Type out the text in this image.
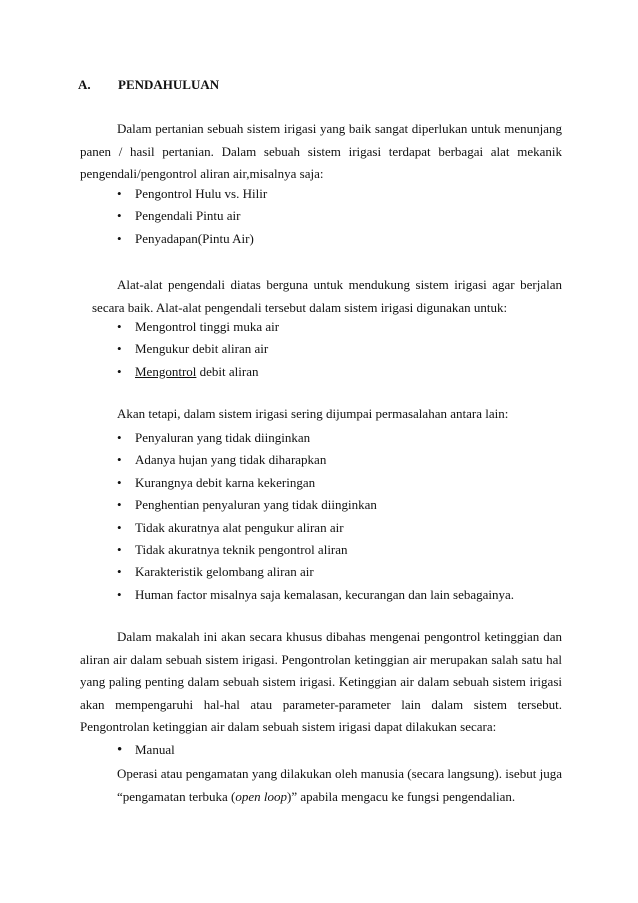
A. PENDAHULUAN

Dalam pertanian sebuah sistem irigasi yang baik sangat diperlukan untuk menunjang panen / hasil pertanian. Dalam sebuah sistem irigasi terdapat berbagai alat mekanik pengendali/pengontrol aliran air,misalnya saja:

• Pengontrol Hulu vs. Hilir
• Pengendali Pintu air
• Penyadapan(Pintu Air)

Alat-alat pengendali diatas berguna untuk mendukung sistem irigasi agar berjalan secara baik. Alat-alat pengendali tersebut dalam sistem irigasi digunakan untuk:

• Mengontrol tinggi muka air
• Mengukur debit aliran air
• Mengontrol debit aliran

Akan tetapi, dalam sistem irigasi sering dijumpai permasalahan antara lain:

• Penyaluran yang tidak diinginkan
• Adanya hujan yang tidak diharapkan
• Kurangnya debit karna kekeringan
• Penghentian penyaluran yang tidak diinginkan
• Tidak akuratnya alat pengukur aliran air
• Tidak akuratnya teknik pengontrol aliran
• Karakteristik gelombang aliran air
• Human factor misalnya saja kemalasan, kecurangan dan lain sebagainya.

Dalam makalah ini akan secara khusus dibahas mengenai pengontrol ketinggian dan aliran air dalam sebuah sistem irigasi. Pengontrolan ketinggian air merupakan salah satu hal yang paling penting dalam sebuah sistem irigasi. Ketinggian air dalam sebuah sistem irigasi akan mempengaruhi hal-hal atau parameter-parameter lain dalam sistem tersebut. Pengontrolan ketinggian air dalam sebuah sistem irigasi dapat dilakukan secara:

• Manual

Operasi atau pengamatan yang dilakukan oleh manusia (secara langsung). isebut juga “pengamatan terbuka (open loop)” apabila mengacu ke fungsi pengendalian.
